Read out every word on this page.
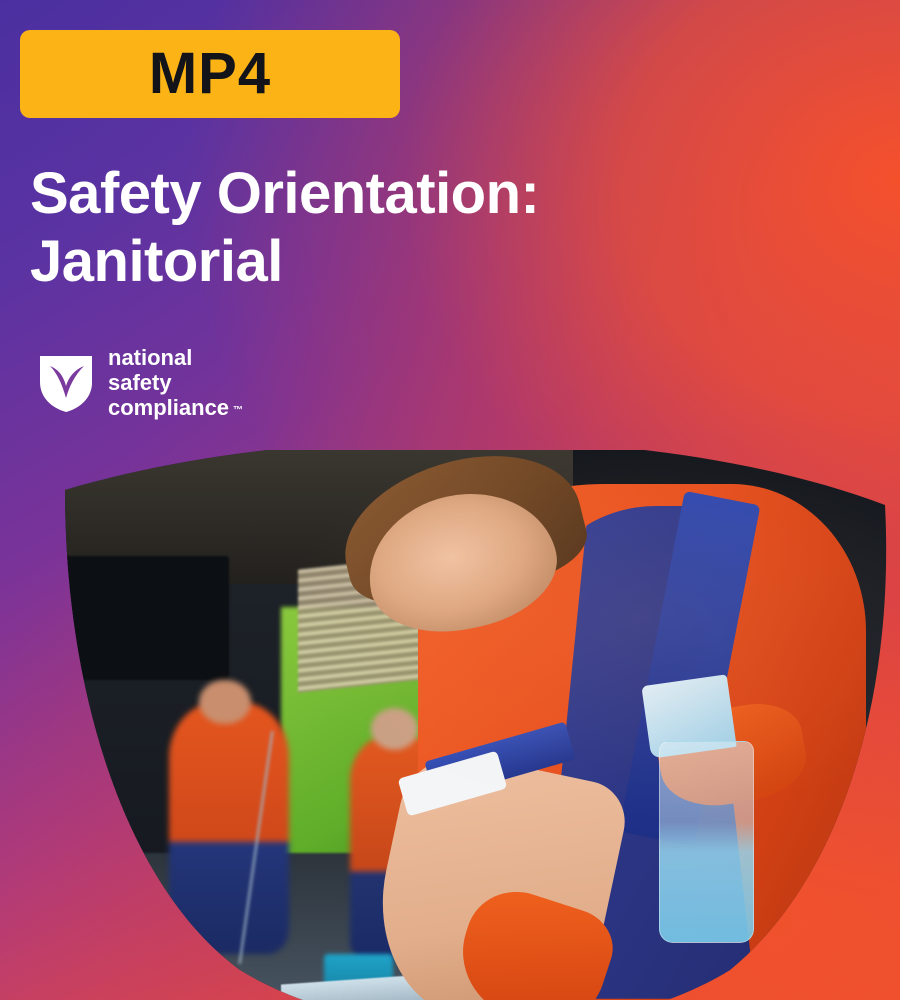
MP4
Safety Orientation:
Janitorial
national
safety
compliance ™
